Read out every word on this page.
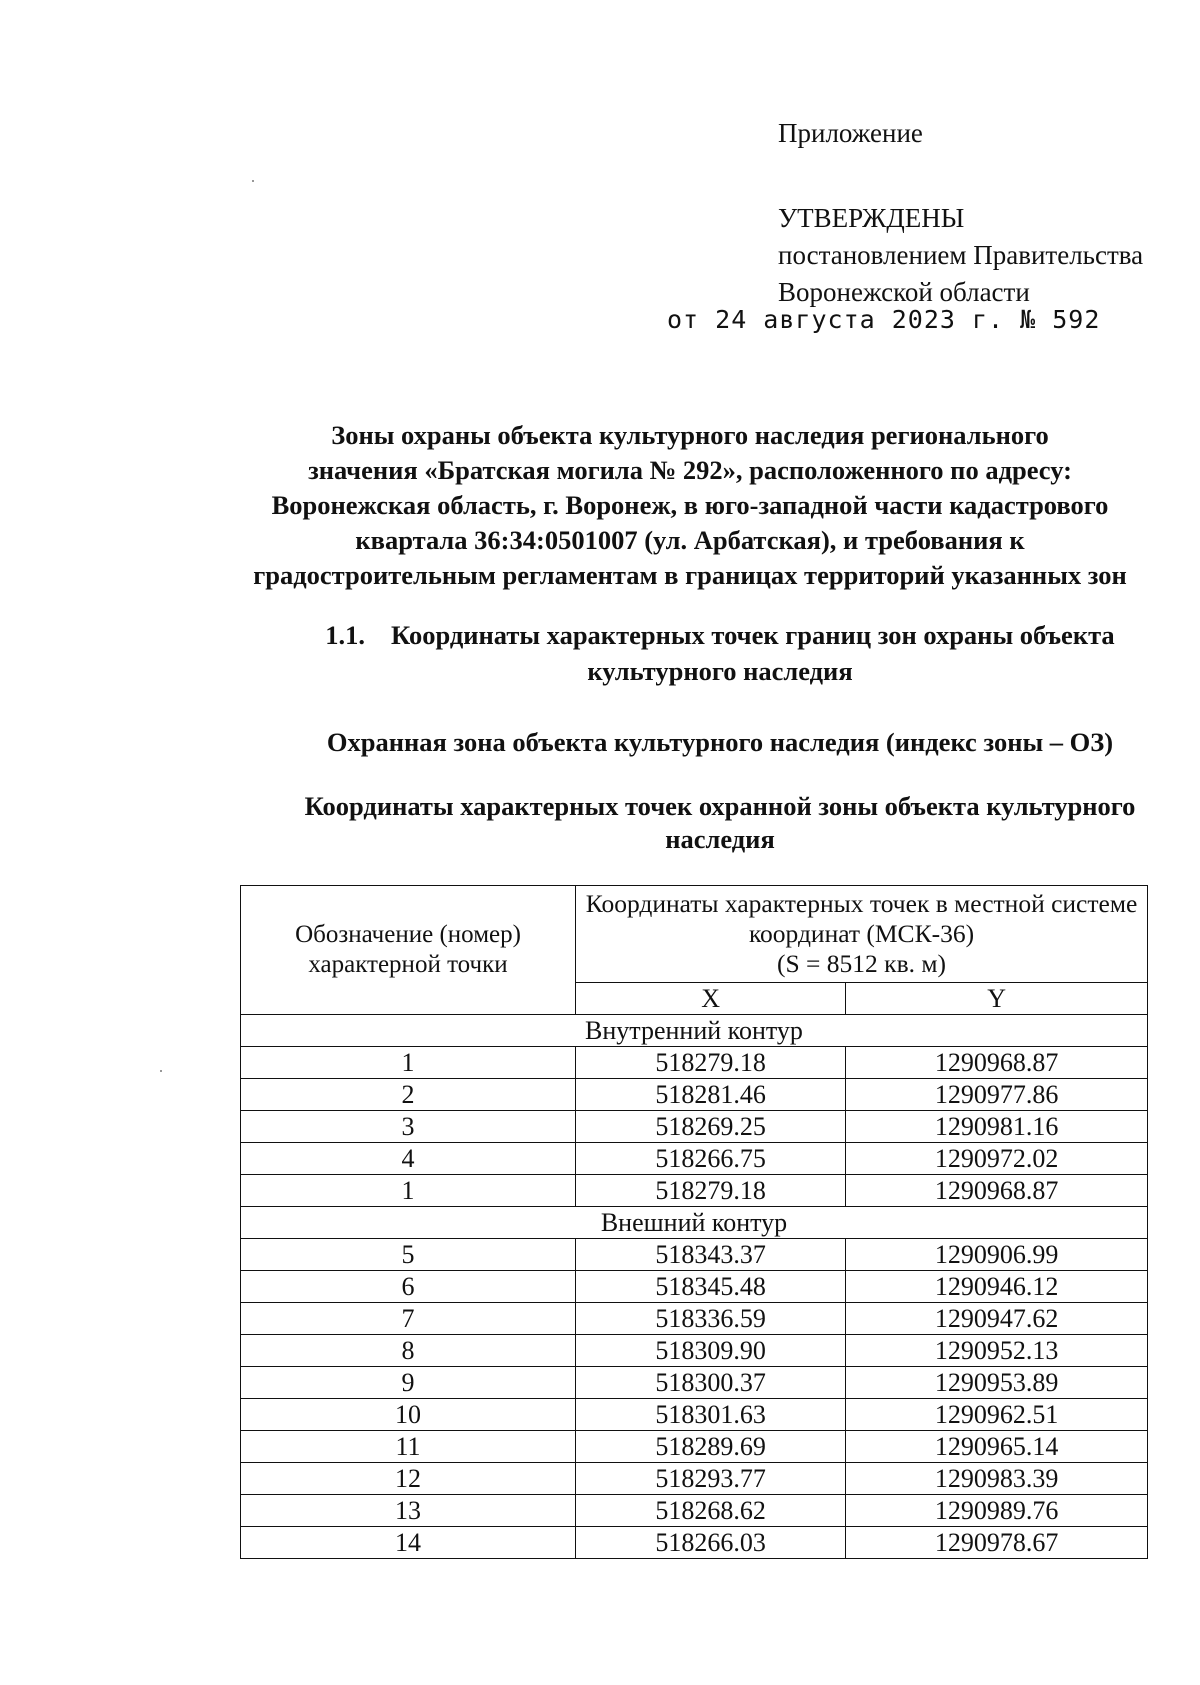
Приложение
УТВЕРЖДЕНЫ
постановлением Правительства
Воронежской области
от 24 августа 2023 г. № 592
Зоны охраны объекта культурного наследия регионального
значения «Братская могила № 292», расположенного по адресу:
Воронежская область, г. Воронеж, в юго-западной части кадастрового
квартала 36:34:0501007 (ул. Арбатская), и требования к
градостроительным регламентам в границах территорий указанных зон
1.1. Координаты характерных точек границ зон охраны объекта культурного наследия
Охранная зона объекта культурного наследия (индекс зоны – ОЗ)
Координаты характерных точек охранной зоны объекта культурного наследия
Обозначение (номер) характерной точки	Координаты характерных точек в местной системе координат (МСК-36)
(S = 8512 кв. м)	
	X	Y
Внутренний контур		
1	518279.18	1290968.87
2	518281.46	1290977.86
3	518269.25	1290981.16
4	518266.75	1290972.02
1	518279.18	1290968.87
Внешний контур		
5	518343.37	1290906.99
6	518345.48	1290946.12
7	518336.59	1290947.62
8	518309.90	1290952.13
9	518300.37	1290953.89
10	518301.63	1290962.51
11	518289.69	1290965.14
12	518293.77	1290983.39
13	518268.62	1290989.76
14	518266.03	1290978.67
